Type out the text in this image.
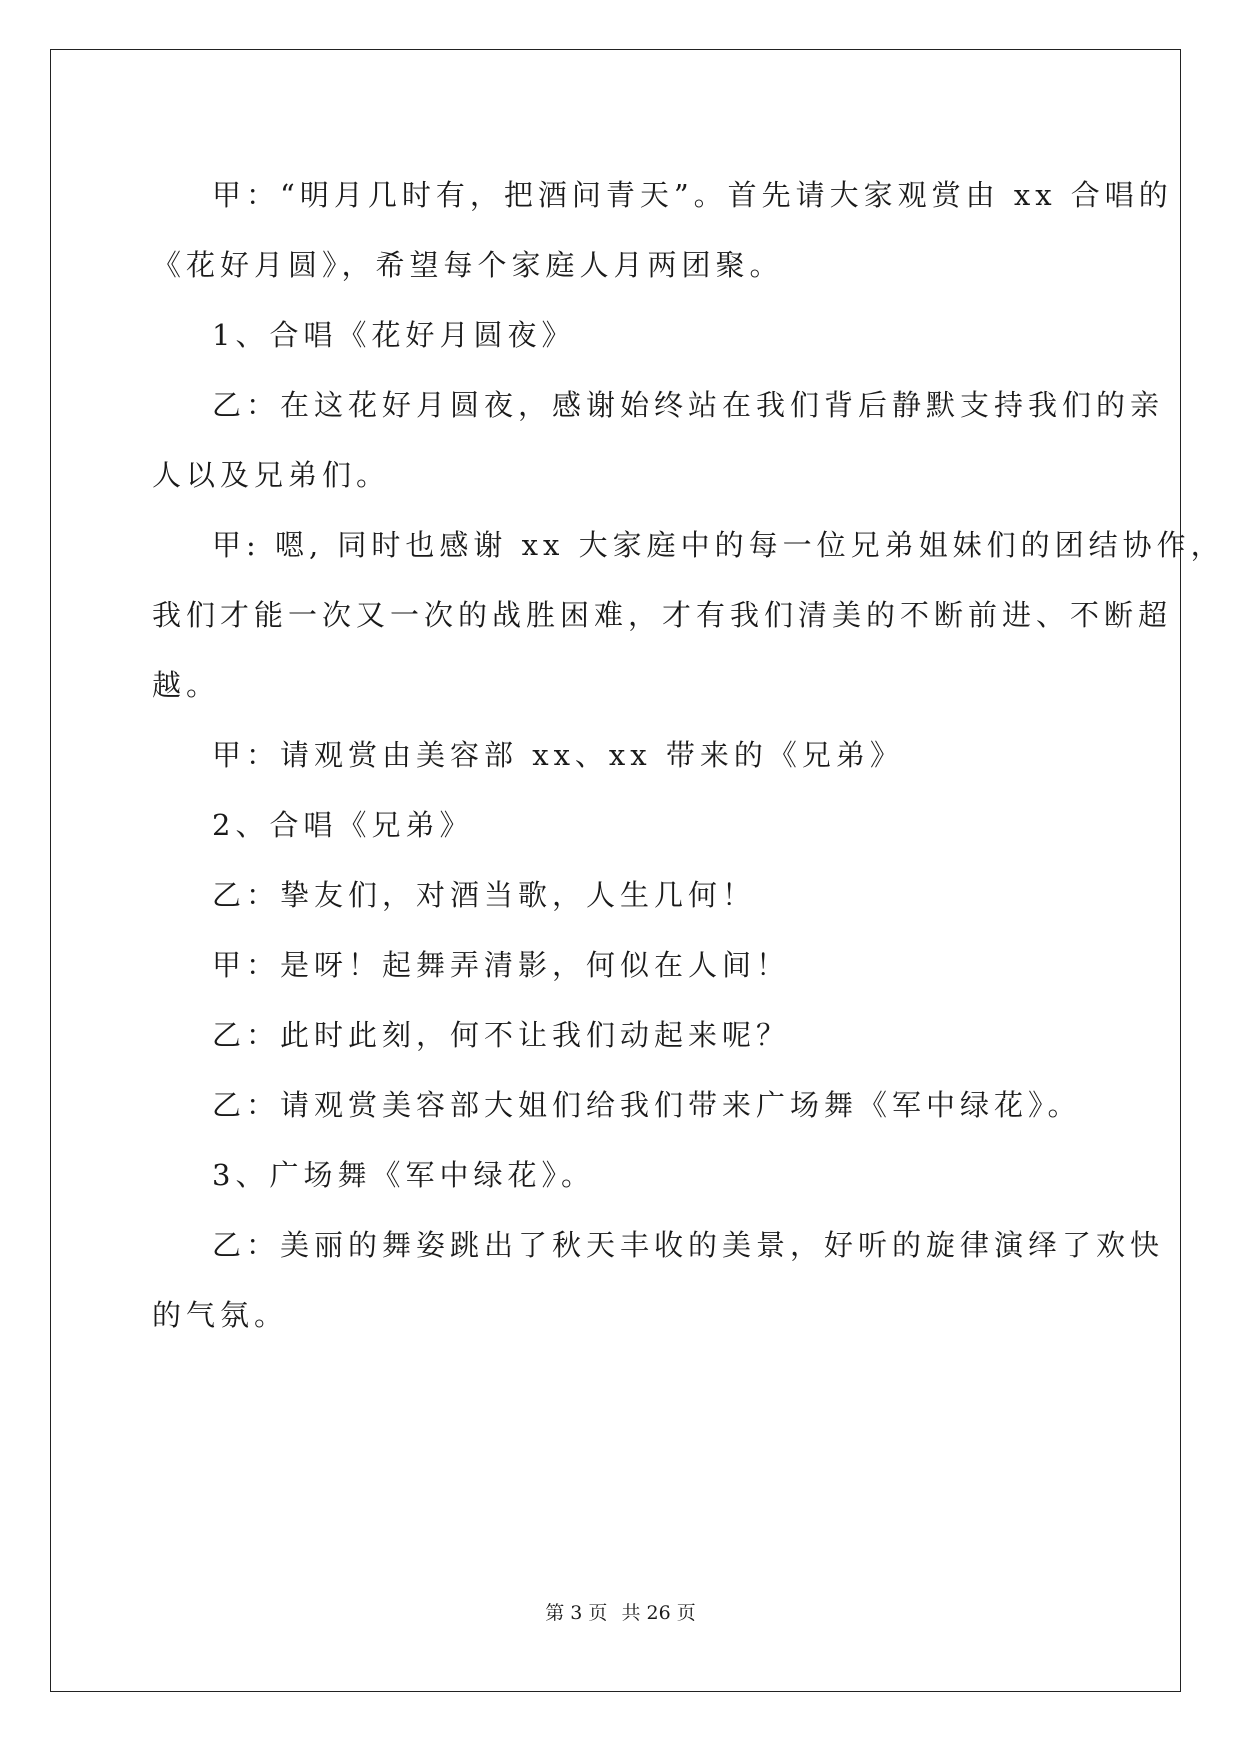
甲：“明月几时有，把酒问青天”。首先请大家观赏由 xx 合唱的
《花好月圆》，希望每个家庭人月两团聚。
1、合唱《花好月圆夜》
乙：在这花好月圆夜，感谢始终站在我们背后静默支持我们的亲
人以及兄弟们。
甲: 嗯, 同时也感谢 xx 大家庭中的每一位兄弟姐妹们的团结协作，
我们才能一次又一次的战胜困难，才有我们清美的不断前进、不断超
越。
甲：请观赏由美容部 xx、xx 带来的《兄弟》
2、合唱《兄弟》
乙：挚友们，对酒当歌，人生几何！
甲：是呀！起舞弄清影，何似在人间！
乙：此时此刻，何不让我们动起来呢？
乙：请观赏美容部大姐们给我们带来广场舞《军中绿花》。
3、广场舞《军中绿花》。
乙：美丽的舞姿跳出了秋天丰收的美景，好听的旋律演绎了欢快
的气氛。
第 3 页 共 26 页
